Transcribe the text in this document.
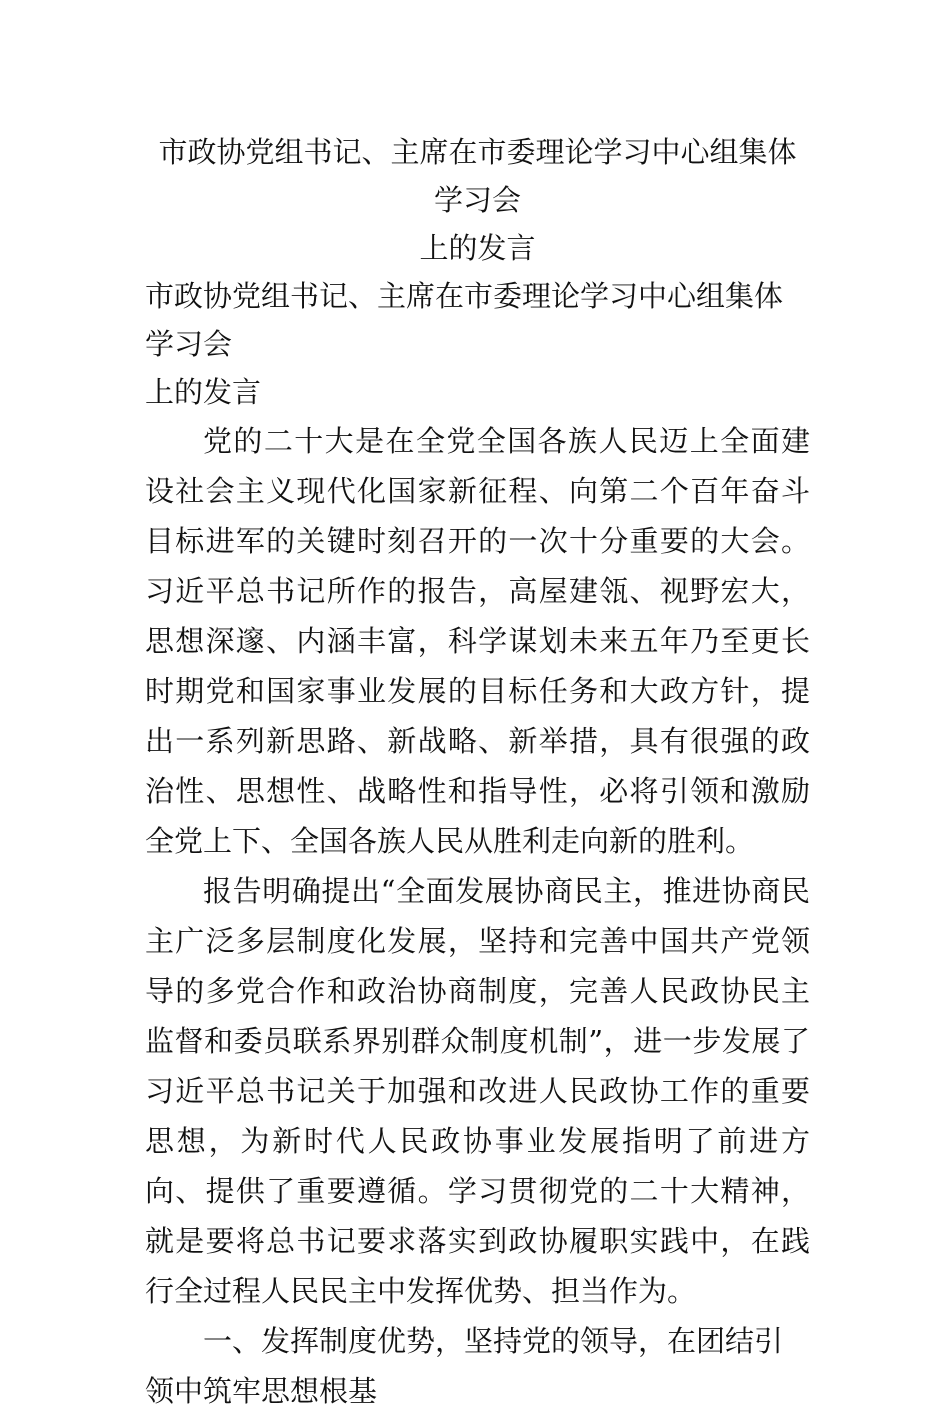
市政协党组书记、主席在市委理论学习中心组集体学习会

上的发言

市政协党组书记、主席在市委理论学习中心组集体学习会

上的发言

党的二十大是在全党全国各族人民迈上全面建设社会主义现代化国家新征程、向第二个百年奋斗目标进军的关键时刻召开的一次十分重要的大会。习近平总书记所作的报告，高屋建瓴、视野宏大，思想深邃、内涵丰富，科学谋划未来五年乃至更长时期党和国家事业发展的目标任务和大政方针，提出一系列新思路、新战略、新举措，具有很强的政治性、思想性、战略性和指导性，必将引领和激励全党上下、全国各族人民从胜利走向新的胜利。

报告明确提出“全面发展协商民主，推进协商民主广泛多层制度化发展，坚持和完善中国共产党领导的多党合作和政治协商制度，完善人民政协民主监督和委员联系界别群众制度机制”，进一步发展了习近平总书记关于加强和改进人民政协工作的重要思想，为新时代人民政协事业发展指明了前进方向、提供了重要遵循。学习贯彻党的二十大精神，就是要将总书记要求落实到政协履职实践中，在践行全过程人民民主中发挥优势、担当作为。

一、发挥制度优势，坚持党的领导，在团结引领中筑牢思想根基
